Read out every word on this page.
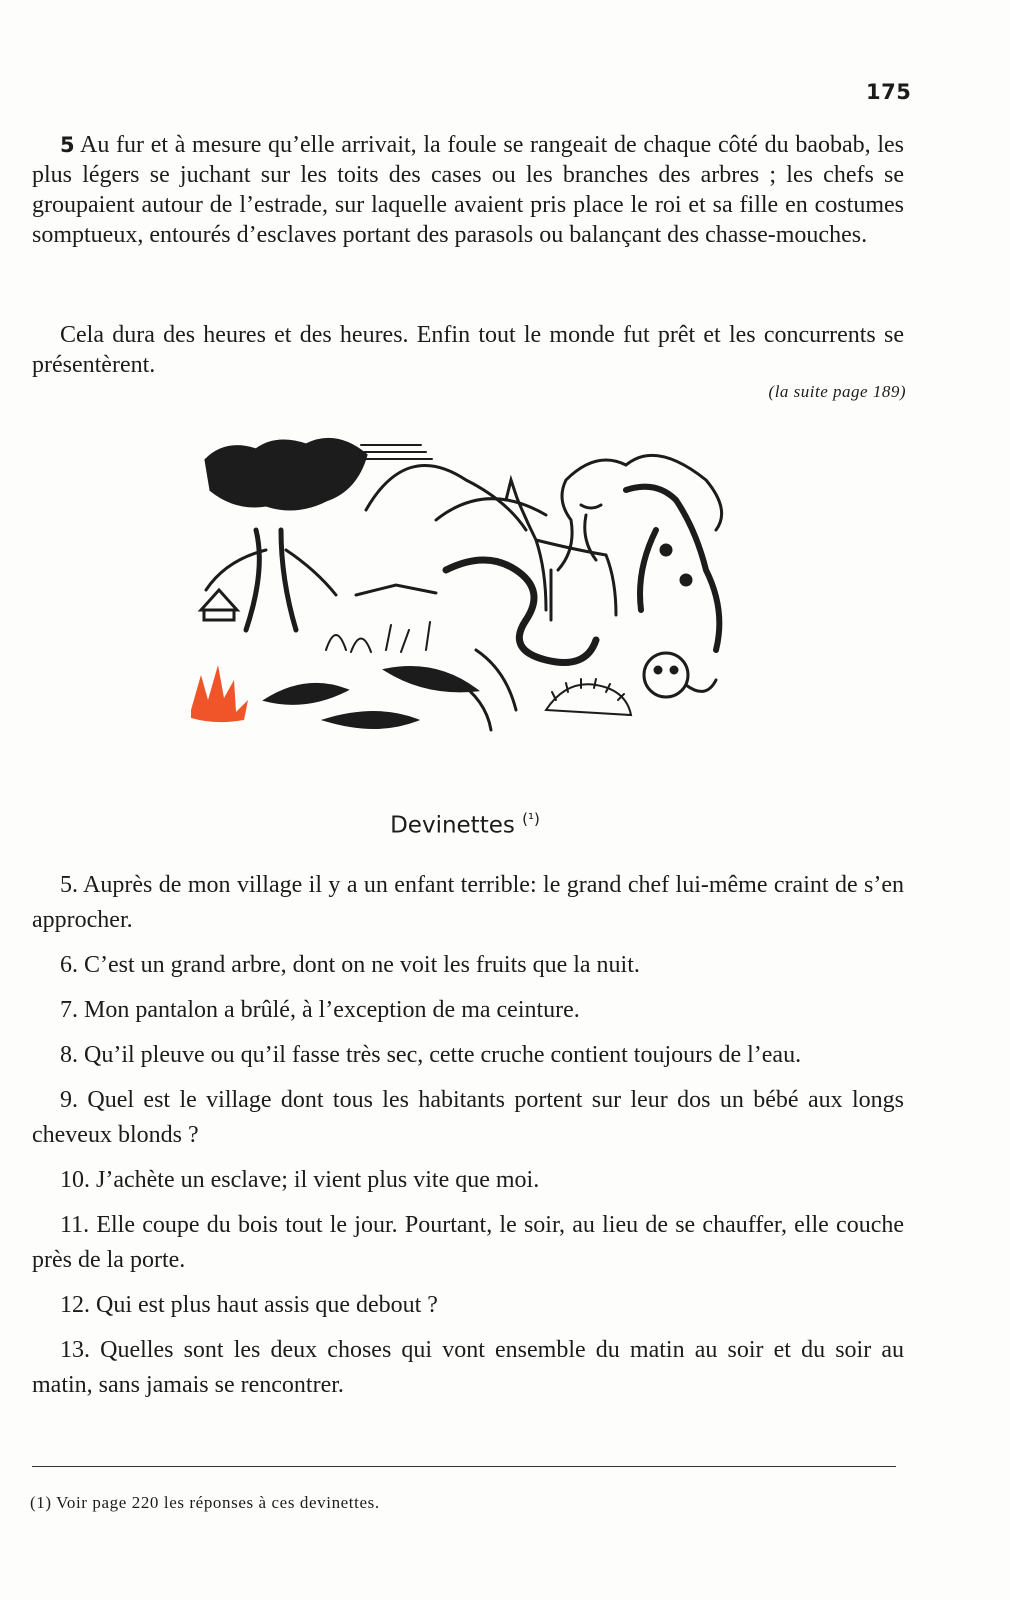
175

5 Au fur et à mesure qu’elle arrivait, la foule se rangeait de chaque côté du baobab, les plus légers se juchant sur les toits des cases ou les branches des arbres ; les chefs se groupaient autour de l’estrade, sur laquelle avaient pris place le roi et sa fille en costumes somptueux, entourés d’esclaves portant des parasols ou balançant des chasse-mouches.

Cela dura des heures et des heures. Enfin tout le monde fut prêt et les concurrents se présentèrent.

(la suite page 189)
Devinettes $^{(^1)}$
5. Auprès de mon village il y a un enfant terrible: le grand chef lui-même craint de s’en approcher.
6. C’est un grand arbre, dont on ne voit les fruits que la nuit.
7. Mon pantalon a brûlé, à l’exception de ma ceinture.
8. Qu’il pleuve ou qu’il fasse très sec, cette cruche contient toujours de l’eau.
9. Quel est le village dont tous les habitants portent sur leur dos un bébé aux longs cheveux blonds ?
10. J’achète un esclave; il vient plus vite que moi.
11. Elle coupe du bois tout le jour. Pourtant, le soir, au lieu de se chauffer, elle couche près de la porte.
12. Qui est plus haut assis que debout ?
13. Quelles sont les deux choses qui vont ensemble du matin au soir et du soir au matin, sans jamais se rencontrer.
(1) Voir page 220 les réponses à ces devinettes.
